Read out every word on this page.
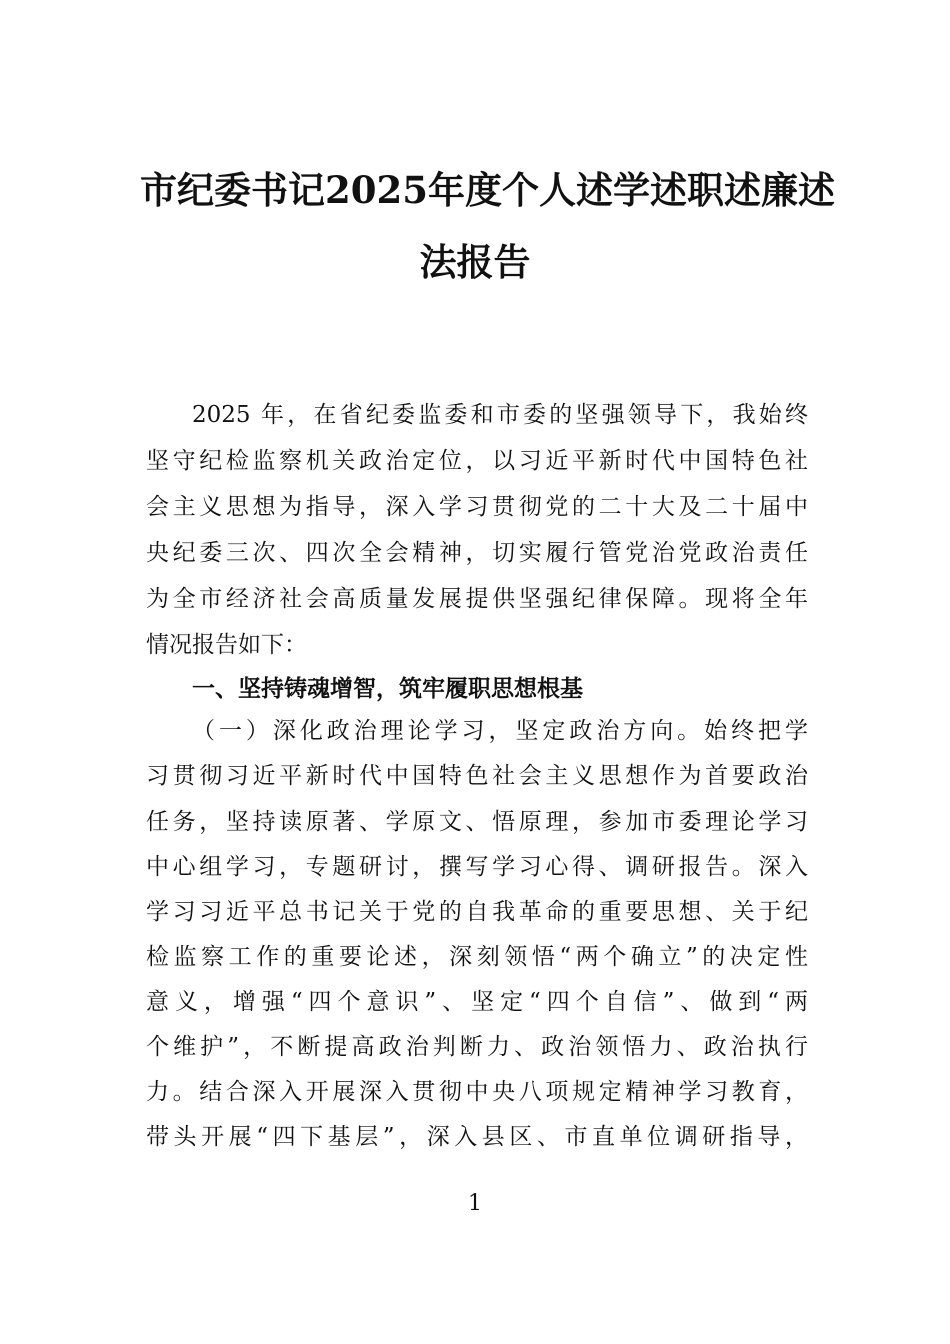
市纪委书记2025年度个人述学述职述廉述
法报告
2025 年，在省纪委监委和市委的坚强领导下，我始终
坚守纪检监察机关政治定位，以习近平新时代中国特色社
会主义思想为指导，深入学习贯彻党的二十大及二十届中
央纪委三次、四次全会精神，切实履行管党治党政治责任
为全市经济社会高质量发展提供坚强纪律保障。现将全年
情况报告如下：
一、坚持铸魂增智，筑牢履职思想根基
（一）深化政治理论学习，坚定政治方向。始终把学
习贯彻习近平新时代中国特色社会主义思想作为首要政治
任务，坚持读原著、学原文、悟原理，参加市委理论学习
中心组学习，专题研讨，撰写学习心得、调研报告。深入
学习习近平总书记关于党的自我革命的重要思想、关于纪
检监察工作的重要论述，深刻领悟“两个确立”的决定性
意义，增强“四个意识”、坚定“四个自信”、做到“两
个维护”，不断提高政治判断力、政治领悟力、政治执行
力。结合深入开展深入贯彻中央八项规定精神学习教育，
带头开展“四下基层”，深入县区、市直单位调研指导，
1
